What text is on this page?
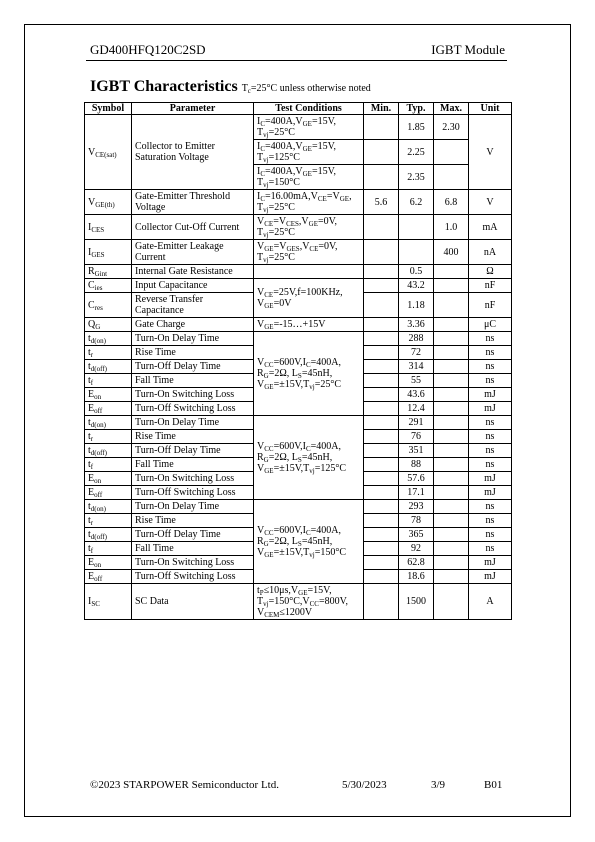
GD400HFQ120C2SD	IGBT Module
IGBT Characteristics $T_c=25^\circ C$ unless otherwise noted
Symbol	Parameter	Test Conditions	Min.	Typ.	Max.	Unit
$V_{CE(sat)}$	Collector to Emitter Saturation Voltage	$I_C=400A,V_{GE}=15V$, $T_{vj}=25^\circ C$		1.85	2.30	V
		$I_C=400A,V_{GE}=15V$, $T_{vj}=125^\circ C$		2.25		
		$I_C=400A,V_{GE}=15V$, $T_{vj}=150^\circ C$		2.35		
$V_{GE(th)}$	Gate-Emitter Threshold Voltage	$I_C=16.00mA,V_{CE}=V_{GE}$, $T_{vj}=25^\circ C$	5.6	6.2	6.8	V
$I_{CES}$	Collector Cut-Off Current	$V_{CE}=V_{CES},V_{GE}=0V$, $T_{vj}=25^\circ C$			1.0	mA
$I_{GES}$	Gate-Emitter Leakage Current	$V_{GE}=V_{GES},V_{CE}=0V$, $T_{vj}=25^\circ C$			400	nA
$R_{Gint}$	Internal Gate Resistance			0.5		Ω
$C_{ies}$	Input Capacitance	$V_{CE}=25V,f=100KHz$, $V_{GE}=0V$		43.2		nF
$C_{res}$	Reverse Transfer Capacitance			1.18		nF
$Q_G$	Gate Charge	$V_{GE}=-15\dots+15V$		3.36		μC
$t_{d(on)}$	Turn-On Delay Time	$V_{CC}=600V,I_C=400A$, $R_G=2\Omega$, $L_S=45nH$, $V_{GE}=\pm 15V,T_{vj}=25^\circ C$		288		ns
$t_r$	Rise Time			72		ns
$t_{d(off)}$	Turn-Off Delay Time			314		ns
$t_f$	Fall Time			55		ns
$E_{on}$	Turn-On Switching Loss			43.6		mJ
$E_{off}$	Turn-Off Switching Loss			12.4		mJ
$t_{d(on)}$	Turn-On Delay Time	$V_{CC}=600V,I_C=400A$, $R_G=2\Omega$, $L_S=45nH$, $V_{GE}=\pm 15V,T_{vj}=125^\circ C$		291		ns
$t_r$	Rise Time			76		ns
$t_{d(off)}$	Turn-Off Delay Time			351		ns
$t_f$	Fall Time			88		ns
$E_{on}$	Turn-On Switching Loss			57.6		mJ
$E_{off}$	Turn-Off Switching Loss			17.1		mJ
$t_{d(on)}$	Turn-On Delay Time	$V_{CC}=600V,I_C=400A$, $R_G=2\Omega$, $L_S=45nH$, $V_{GE}=\pm 15V,T_{vj}=150^\circ C$		293		ns
$t_r$	Rise Time			78		ns
$t_{d(off)}$	Turn-Off Delay Time			365		ns
$t_f$	Fall Time			92		ns
$E_{on}$	Turn-On Switching Loss			62.8		mJ
$E_{off}$	Turn-Off Switching Loss			18.6		mJ
$I_{SC}$	SC Data	$t_P\le 10\mu s,V_{GE}=15V$, $T_{vj}=150^\circ C,V_{CC}=800V$, $V_{CEM}\le 1200V$		1500		A
©2023 STARPOWER Semiconductor Ltd.	5/30/2023	3/9	B01
